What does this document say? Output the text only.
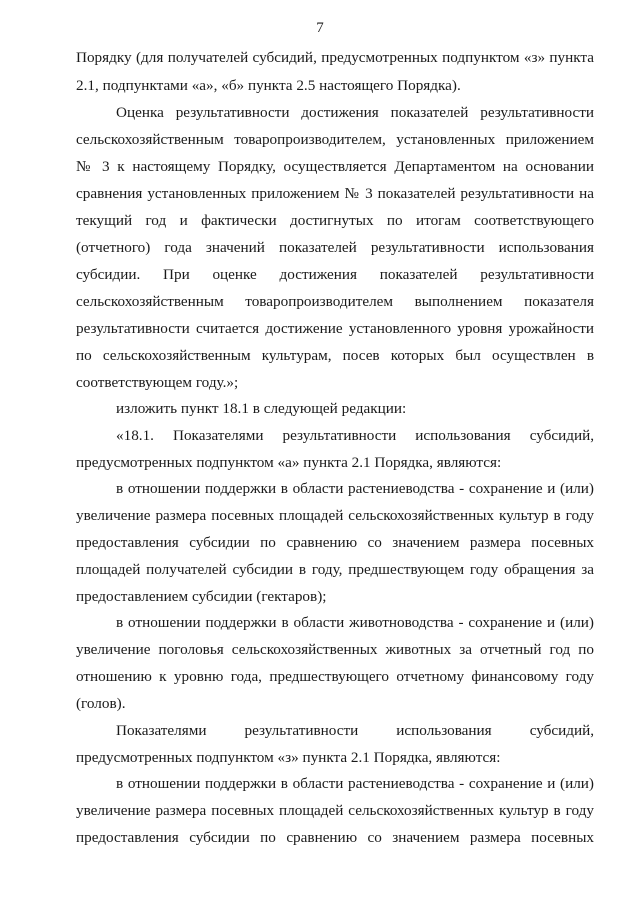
7
Порядку (для получателей субсидий, предусмотренных подпунктом «з» пункта
2.1, подпунктами «а», «б» пункта 2.5 настоящего Порядка).
Оценка результативности достижения показателей результативности
сельскохозяйственным товаропроизводителем, установленных приложением
№ 3 к настоящему Порядку, осуществляется Департаментом на основании
сравнения установленных приложением № 3 показателей результативности на
текущий год и фактически достигнутых по итогам соответствующего
(отчетного) года значений показателей результативности использования
субсидии. При оценке достижения показателей результативности
сельскохозяйственным товаропроизводителем выполнением показателя
результативности считается достижение установленного уровня урожайности
по сельскохозяйственным культурам, посев которых был осуществлен в
соответствующем году.»;
изложить пункт 18.1 в следующей редакции:
«18.1. Показателями результативности использования субсидий,
предусмотренных подпунктом «а» пункта 2.1 Порядка, являются:
в отношении поддержки в области растениеводства - сохранение и (или)
увеличение размера посевных площадей сельскохозяйственных культур в году
предоставления субсидии по сравнению со значением размера посевных
площадей получателей субсидии в году, предшествующем году обращения за
предоставлением субсидии (гектаров);
в отношении поддержки в области животноводства - сохранение и (или)
увеличение поголовья сельскохозяйственных животных за отчетный год по
отношению к уровню года, предшествующего отчетному финансовому году
(голов).
Показателями результативности использования субсидий,
предусмотренных подпунктом «з» пункта 2.1 Порядка, являются:
в отношении поддержки в области растениеводства - сохранение и (или)
увеличение размера посевных площадей сельскохозяйственных культур в году
предоставления субсидии по сравнению со значением размера посевных
